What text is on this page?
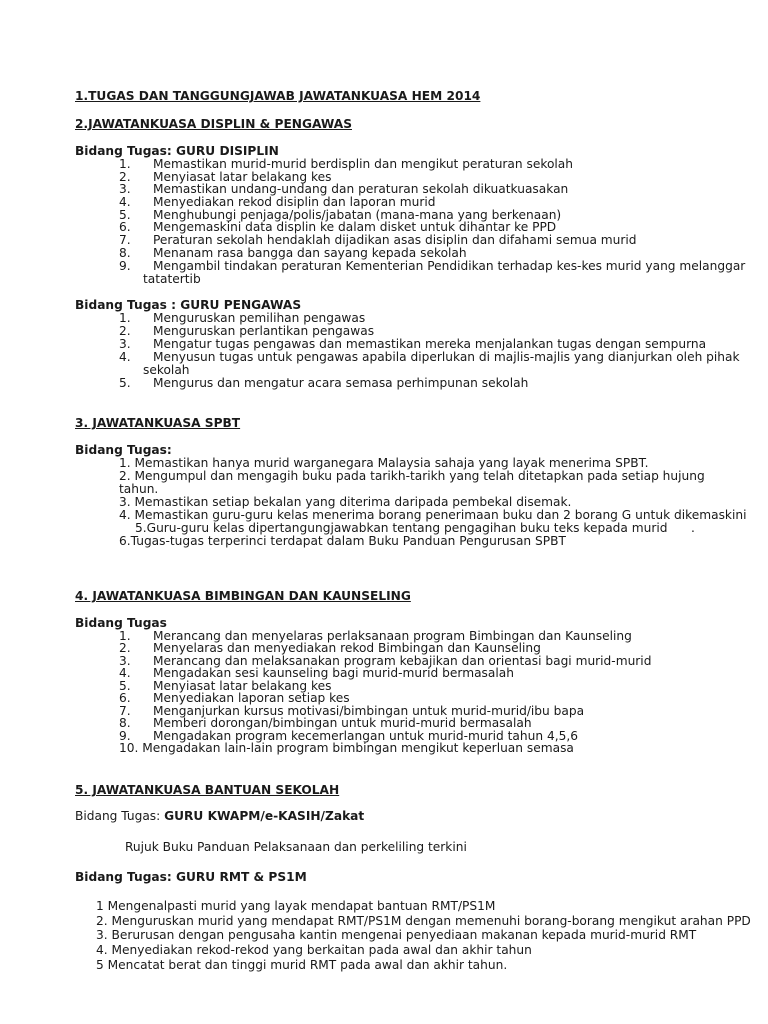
1.TUGAS DAN TANGGUNGJAWAB JAWATANKUASA HEM 2014
2.JAWATANKUASA DISPLIN & PENGAWAS
Bidang Tugas: GURU DISIPLIN
1. Memastikan murid-murid berdisplin dan mengikut peraturan sekolah
2. Menyiasat latar belakang kes
3. Memastikan undang-undang dan peraturan sekolah dikuatkuasakan
4. Menyediakan rekod disiplin dan laporan murid
5. Menghubungi penjaga/polis/jabatan (mana-mana yang berkenaan)
6. Mengemaskini data displin ke dalam disket untuk dihantar ke PPD
7. Peraturan sekolah hendaklah dijadikan asas disiplin dan difahami semua murid
8. Menanam rasa bangga dan sayang kepada sekolah
9. Mengambil tindakan peraturan Kementerian Pendidikan terhadap kes-kes murid yang melanggar
tatatertib
Bidang Tugas : GURU PENGAWAS
1. Menguruskan pemilihan pengawas
2. Menguruskan perlantikan pengawas
3. Mengatur tugas pengawas dan memastikan mereka menjalankan tugas dengan sempurna
4. Menyusun tugas untuk pengawas apabila diperlukan di majlis-majlis yang dianjurkan oleh pihak
sekolah
5. Mengurus dan mengatur acara semasa perhimpunan sekolah
3. JAWATANKUASA SPBT
Bidang Tugas:
1. Memastikan hanya murid warganegara Malaysia sahaja yang layak menerima SPBT.
2. Mengumpul dan mengagih buku pada tarikh-tarikh yang telah ditetapkan pada setiap hujung
tahun.
3. Memastikan setiap bekalan yang diterima daripada pembekal disemak.
4. Memastikan guru-guru kelas menerima borang penerimaan buku dan 2 borang G untuk dikemaskini
5.Guru-guru kelas dipertangungjawabkan tentang pengagihan buku teks kepada murid .
6.Tugas-tugas terperinci terdapat dalam Buku Panduan Pengurusan SPBT
4. JAWATANKUASA BIMBINGAN DAN KAUNSELING
Bidang Tugas
1. Merancang dan menyelaras perlaksanaan program Bimbingan dan Kaunseling
2. Menyelaras dan menyediakan rekod Bimbingan dan Kaunseling
3. Merancang dan melaksanakan program kebajikan dan orientasi bagi murid-murid
4. Mengadakan sesi kaunseling bagi murid-murid bermasalah
5. Menyiasat latar belakang kes
6. Menyediakan laporan setiap kes
7. Menganjurkan kursus motivasi/bimbingan untuk murid-murid/ibu bapa
8. Memberi dorongan/bimbingan untuk murid-murid bermasalah
9. Mengadakan program kecemerlangan untuk murid-murid tahun 4,5,6
10. Mengadakan lain-lain program bimbingan mengikut keperluan semasa
5. JAWATANKUASA BANTUAN SEKOLAH
Bidang Tugas: GURU KWAPM/e-KASIH/Zakat
Rujuk Buku Panduan Pelaksanaan dan perkeliling terkini
Bidang Tugas: GURU RMT & PS1M
1 Mengenalpasti murid yang layak mendapat bantuan RMT/PS1M
2. Menguruskan murid yang mendapat RMT/PS1M dengan memenuhi borang-borang mengikut arahan PPD
3. Berurusan dengan pengusaha kantin mengenai penyediaan makanan kepada murid-murid RMT
4. Menyediakan rekod-rekod yang berkaitan pada awal dan akhir tahun
5 Mencatat berat dan tinggi murid RMT pada awal dan akhir tahun.
